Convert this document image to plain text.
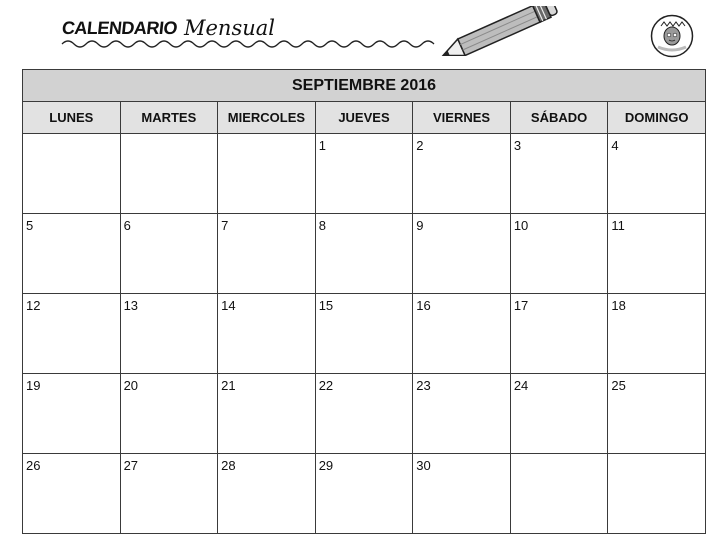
CALENDARIO Mensual
SEPTIEMBRE 2016						
LUNES	MARTES	MIERCOLES	JUEVES	VIERNES	SÁBADO	DOMINGO

			1	2	3	4

5	6	7	8	9	10	11

12	13	14	15	16	17	18

19	20	21	22	23	24	25

26	27	28	29	30		
